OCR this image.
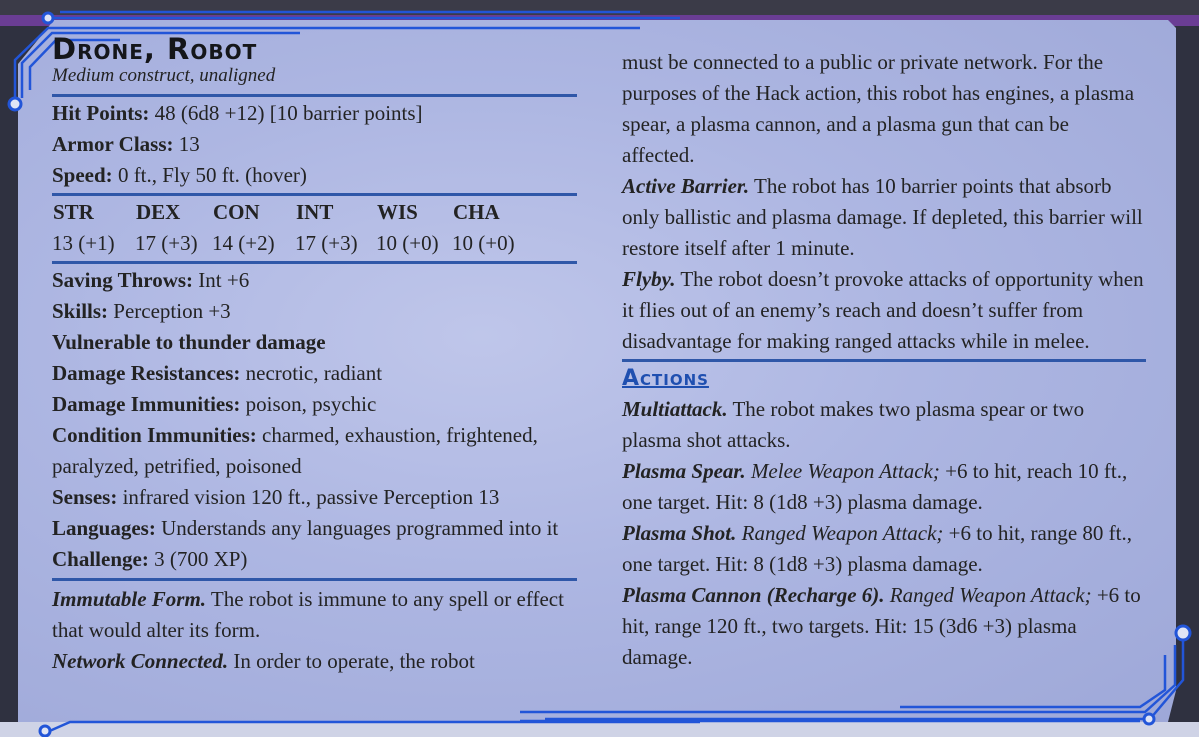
Drone, Robot
Medium construct, unaligned

Hit Points: 48 (6d8 +12) [10 barrier points]

Armor Class: 13

Speed: 0 ft., Fly 50 ft. (hover)

STR	DEX	CON	INT	WIS	CHA
13 (+1) 17 (+3) 14 (+2) 17 (+3) 10 (+0) 10 (+0)

Saving Throws: Int +6

Skills: Perception +3

Vulnerable to thunder damage

Damage Resistances: necrotic, radiant

Damage Immunities: poison, psychic

Condition Immunities: charmed, exhaustion, frightened, paralyzed, petrified, poisoned

Senses: infrared vision 120 ft., passive Perception 13

Languages: Understands any languages programmed into it

Challenge: 3 (700 XP)

Immutable Form. The robot is immune to any spell or effect that would alter its form.

Network Connected. In order to operate, the robot

must be connected to a public or private network. For the purposes of the Hack action, this robot has engines, a plasma spear, a plasma cannon, and a plasma gun that can be affected.

Active Barrier. The robot has 10 barrier points that absorb only ballistic and plasma damage. If depleted, this barrier will restore itself after 1 minute.

Flyby. The robot doesn’t provoke attacks of opportunity when it flies out of an enemy’s reach and doesn’t suffer from disadvantage for making ranged attacks while in melee.

Actions

Multiattack. The robot makes two plasma spear or two plasma shot attacks.

Plasma Spear. Melee Weapon Attack; +6 to hit, reach 10 ft., one target. Hit: 8 (1d8 +3) plasma damage.

Plasma Shot. Ranged Weapon Attack; +6 to hit, range 80 ft., one target. Hit: 8 (1d8 +3) plasma damage.

Plasma Cannon (Recharge 6). Ranged Weapon Attack; +6 to hit, range 120 ft., two targets. Hit: 15 (3d6 +3) plasma damage.
